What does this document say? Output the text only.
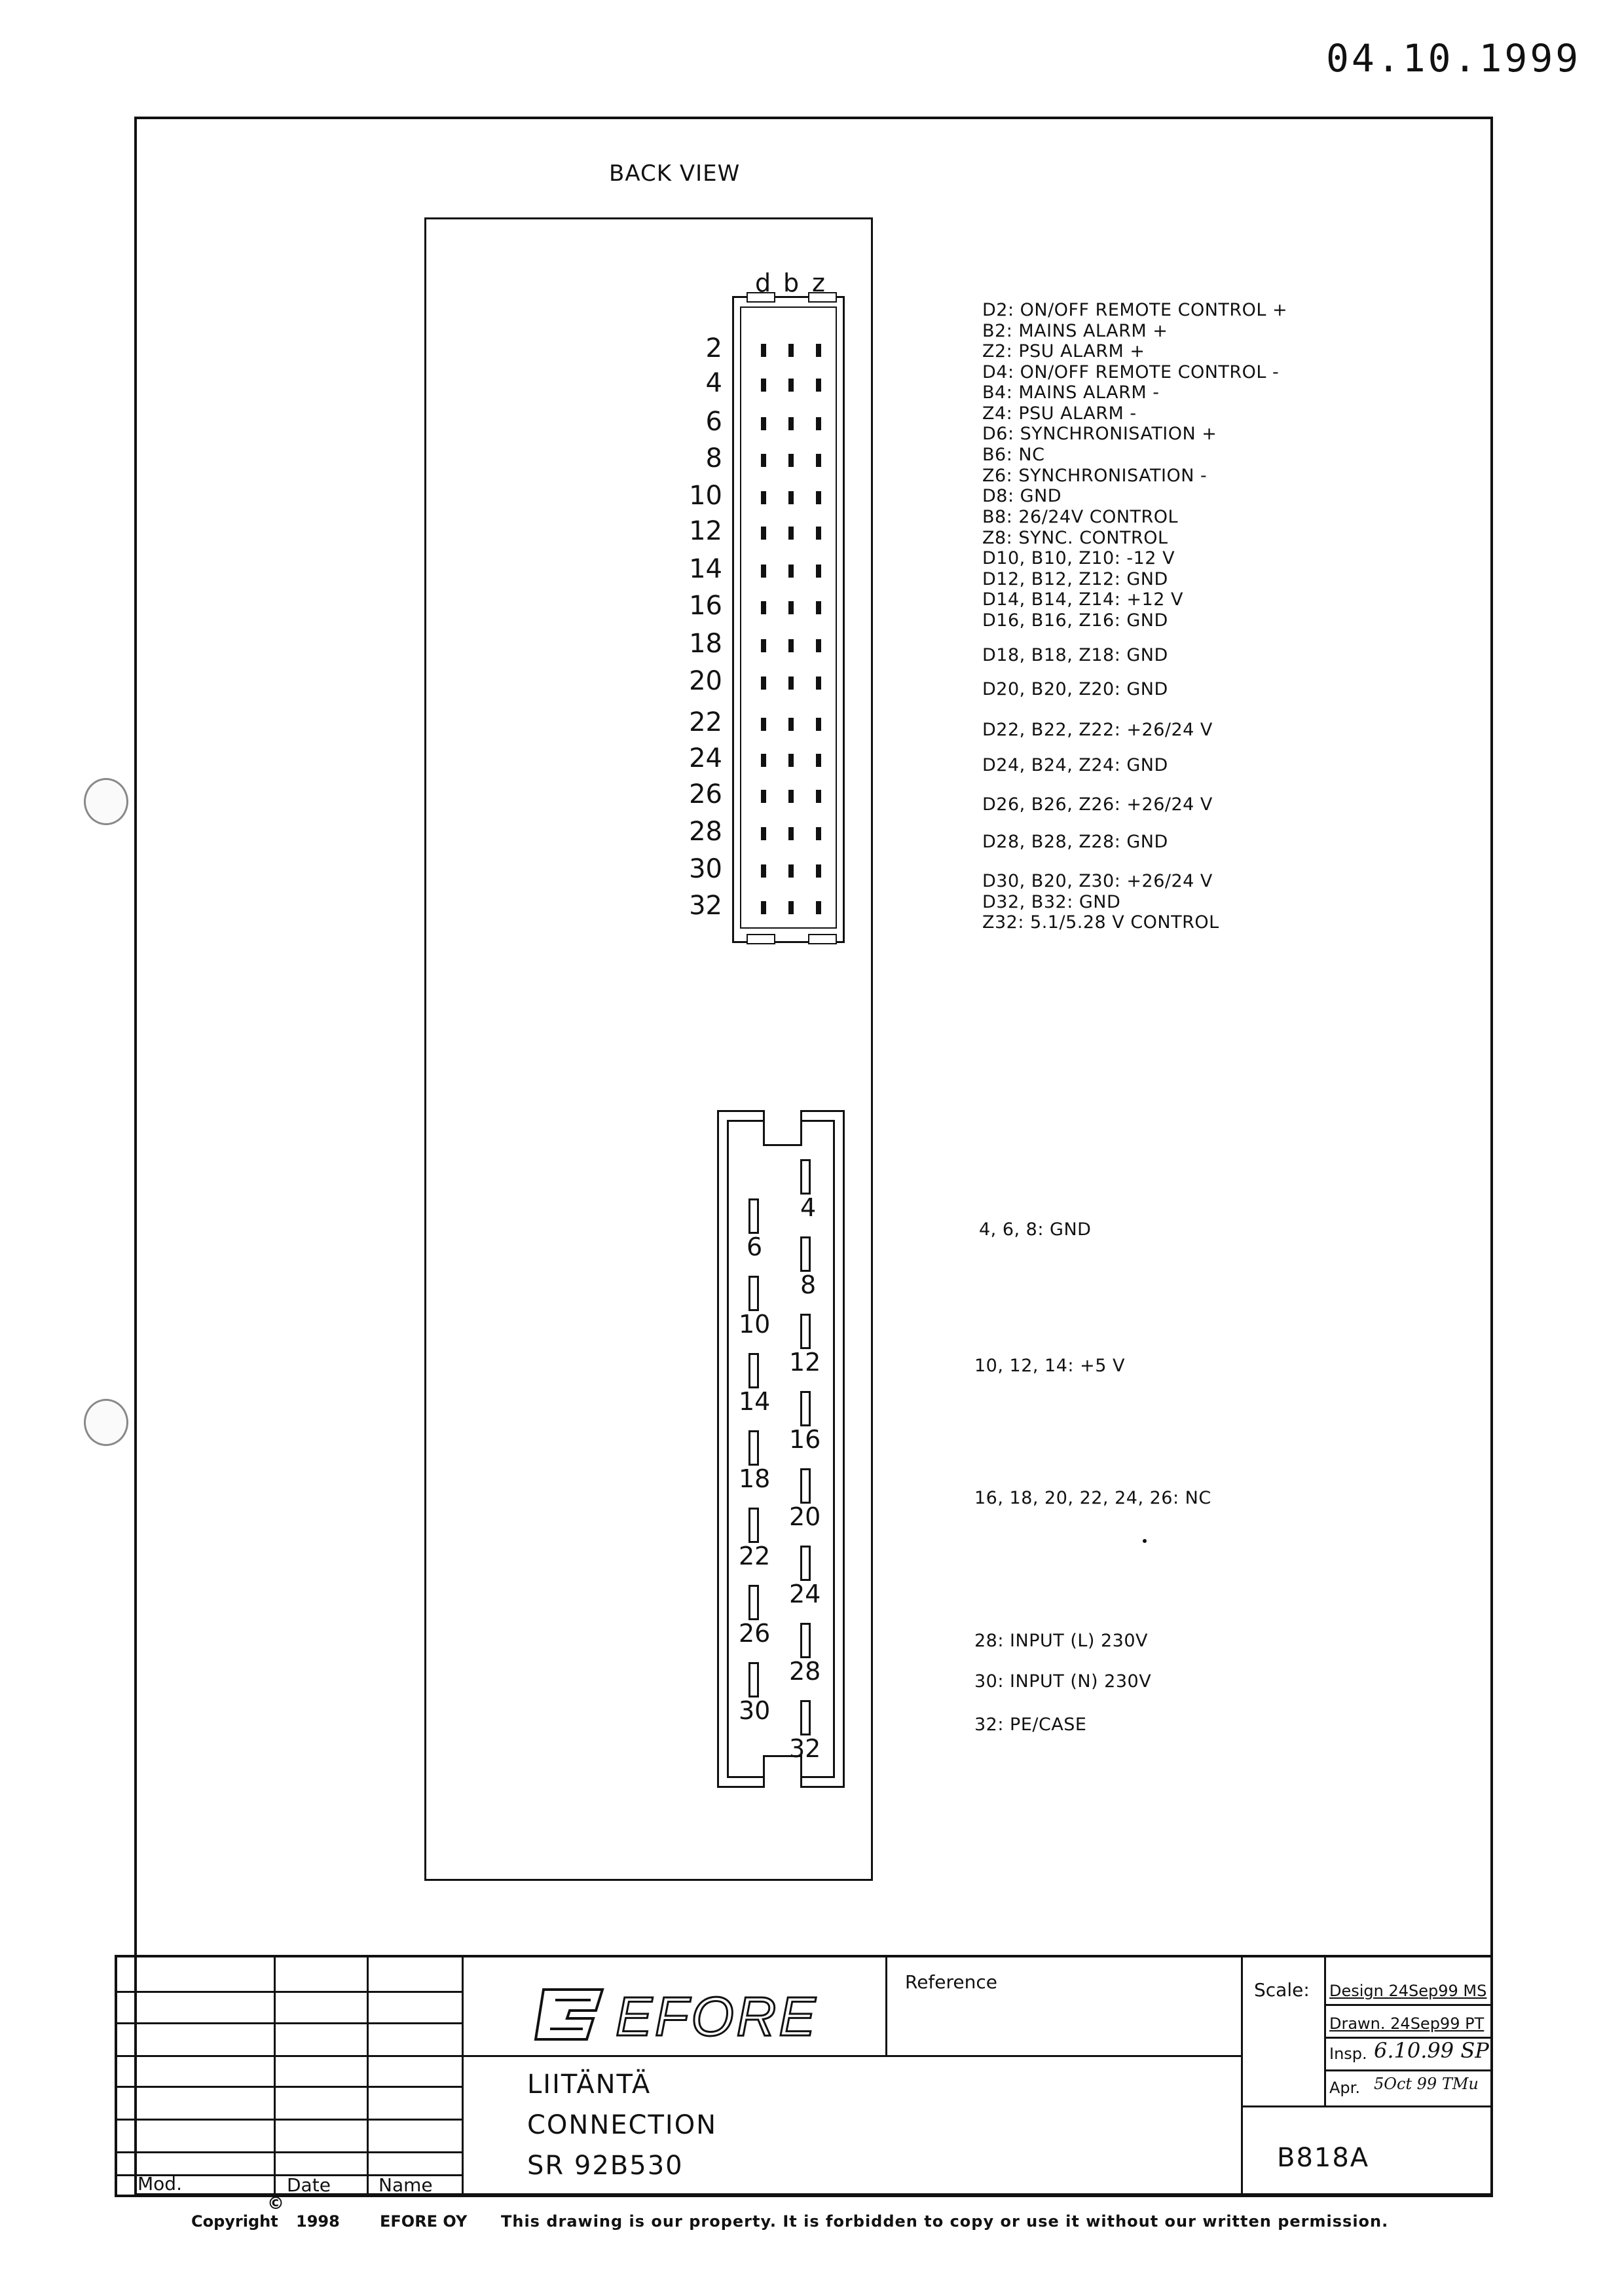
04.10.1999
BACK VIEW
d b z
2
4
6
8
10
12
14
16
18
20
22
24
26
28
30
32
D2: ON/OFF REMOTE CONTROL +
B2: MAINS ALARM +
Z2: PSU ALARM +
D4: ON/OFF REMOTE CONTROL -
B4: MAINS ALARM -
Z4: PSU ALARM -
D6: SYNCHRONISATION +
B6: NC
Z6: SYNCHRONISATION -
D8: GND
B8: 26/24V CONTROL
Z8: SYNC. CONTROL
D10, B10, Z10: -12 V
D12, B12, Z12: GND
D14, B14, Z14: +12 V
D16, B16, Z16: GND
D18, B18, Z18: GND
D20, B20, Z20: GND
D22, B22, Z22: +26/24 V
D24, B24, Z24: GND
D26, B26, Z26: +26/24 V
D28, B28, Z28: GND
D30, B20, Z30: +26/24 V
D32, B32: GND
Z32: 5.1/5.28 V CONTROL
6
10
14
18
22
26
30
4
8
12
16
20
24
28
32
4, 6, 8: GND
10, 12, 14: +5 V
16, 18, 20, 22, 24, 26: NC
28: INPUT (L) 230V
30: INPUT (N) 230V
32: PE/CASE
Mod.	Date	Name
EFORE
Reference
LIITÄNTÄ
CONNECTION
SR 92B530
Scale: Design 24Sep99 MS
Drawn. 24Sep99 PT
Insp. 6.10.99 SP
Apr. 5Oct 99 TMu
B818A
Copyright
©
1998	EFORE OY This drawing is our property. It is forbidden to copy or use it without our written permission.
